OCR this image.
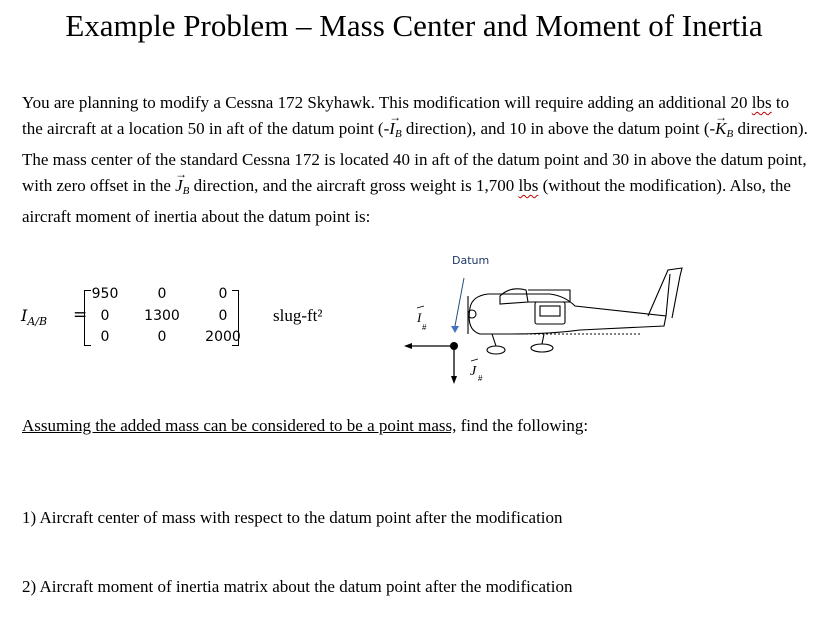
Example Problem – Mass Center and Moment of Inertia

You are planning to modify a Cessna 172 Skyhawk. This modification will require adding an additional 20 lbs to the aircraft at a location 50 in aft of the datum point (-→ $I_B$ direction), and 10 in above the datum point (-→ $K_B$ direction). The mass center of the standard Cessna 172 is located 40 in aft of the datum point and 30 in above the datum point, with zero offset in the → $J_B$ direction, and the aircraft gross weight is 1,700 lbs (without the modification). Also, the aircraft moment of inertia about the datum point is:

$I_{A/B}$ =
950	0	0
0	1300	0
0	0	2000
slug-ft²
Datum
I
#
J #
Assuming the added mass can be considered to be a point mass, find the following:
1) Aircraft center of mass with respect to the datum point after the modification
2) Aircraft moment of inertia matrix about the datum point after the modification
